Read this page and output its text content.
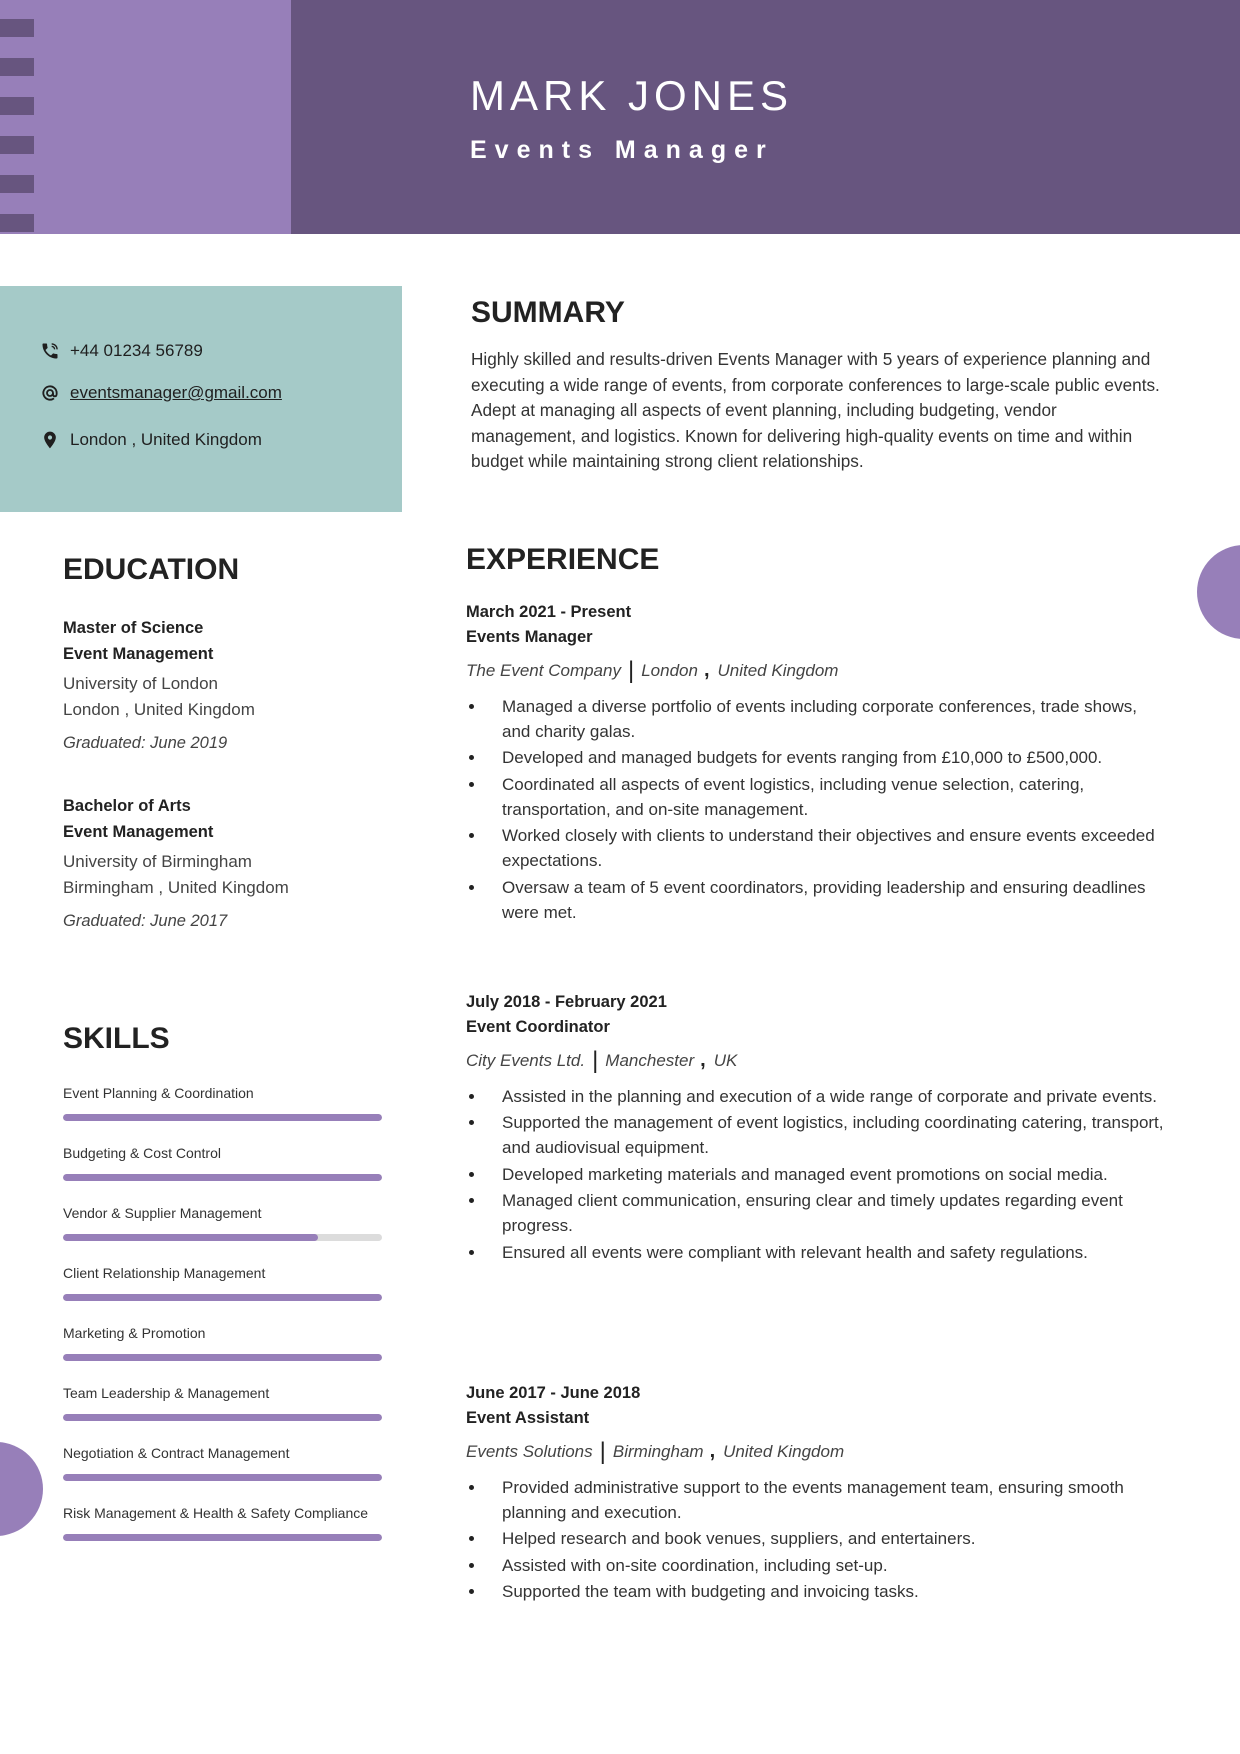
MARK JONES
Events Manager
+44 01234 56789
eventsmanager@gmail.com
London , United Kingdom
SUMMARY

Highly skilled and results-driven Events Manager with 5 years of experience planning and executing a wide range of events, from corporate conferences to large-scale public events. Adept at managing all aspects of event planning, including budgeting, vendor management, and logistics. Known for delivering high-quality events on time and within budget while maintaining strong client relationships.

EDUCATION
Master of Science
Event Management
University of London
London , United Kingdom
Graduated: June 2019
Bachelor of Arts
Event Management
University of Birmingham
Birmingham , United Kingdom
Graduated: June 2017
SKILLS
Event Planning & Coordination
Budgeting & Cost Control
Vendor & Supplier Management
Client Relationship Management
Marketing & Promotion
Team Leadership & Management
Negotiation & Contract Management
Risk Management & Health & Safety Compliance
EXPERIENCE
March 2021 - Present
Events Manager
The Event Company | London , United Kingdom
Managed a diverse portfolio of events including corporate conferences, trade shows, and charity galas.
Developed and managed budgets for events ranging from £10,000 to £500,000.
Coordinated all aspects of event logistics, including venue selection, catering, transportation, and on-site management.
Worked closely with clients to understand their objectives and ensure events exceeded expectations.
Oversaw a team of 5 event coordinators, providing leadership and ensuring deadlines were met.
July 2018 - February 2021
Event Coordinator
City Events Ltd. | Manchester , UK
Assisted in the planning and execution of a wide range of corporate and private events.
Supported the management of event logistics, including coordinating catering, transport, and audiovisual equipment.
Developed marketing materials and managed event promotions on social media.
Managed client communication, ensuring clear and timely updates regarding event progress.
Ensured all events were compliant with relevant health and safety regulations.
June 2017 - June 2018
Event Assistant
Events Solutions | Birmingham , United Kingdom
Provided administrative support to the events management team, ensuring smooth planning and execution.
Helped research and book venues, suppliers, and entertainers.
Assisted with on-site coordination, including set-up.
Supported the team with budgeting and invoicing tasks.
